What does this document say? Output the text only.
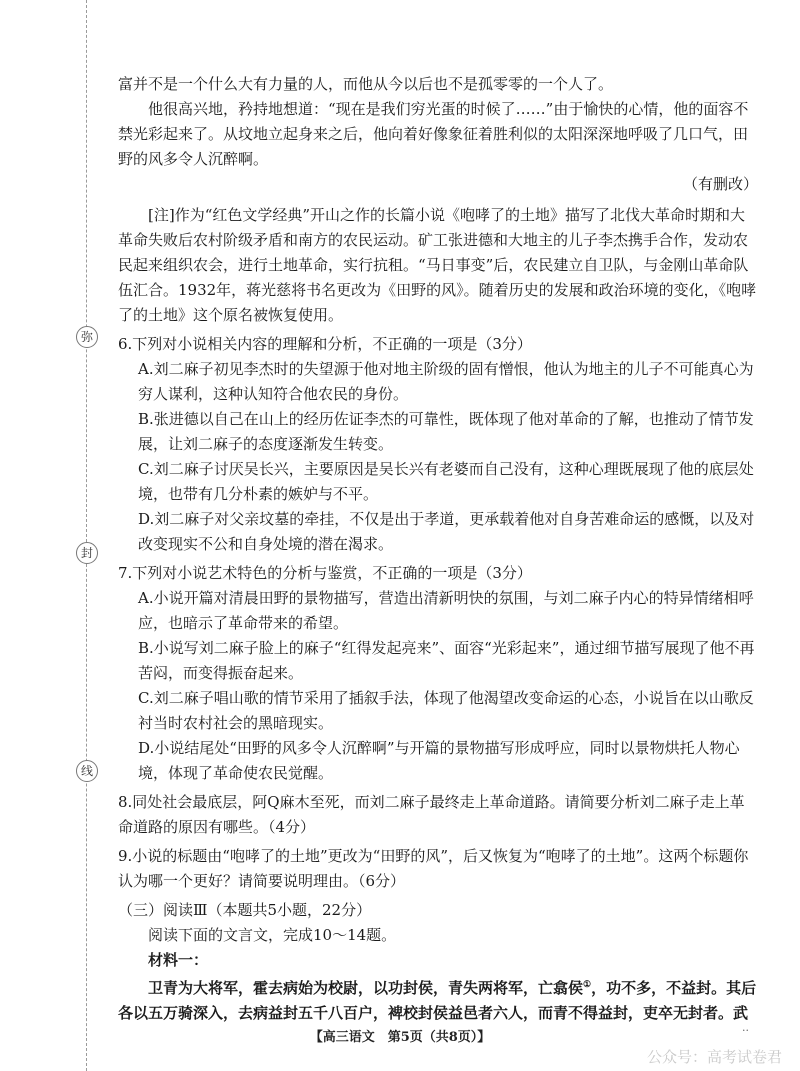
弥
封
线

富并不是一个什么大有力量的人，而他从今以后也不是孤零零的一个人了。

他很高兴地，矜持地想道：“现在是我们穷光蛋的时候了……”由于愉快的心情，他的面容不禁光彩起来了。从坟地立起身来之后，他向着好像象征着胜利似的太阳深深地呼吸了几口气，田野的风多令人沉醉啊。

（有删改）

[注]作为“红色文学经典”开山之作的长篇小说《咆哮了的土地》描写了北伐大革命时期和大革命失败后农村阶级矛盾和南方的农民运动。矿工张进德和大地主的儿子李杰携手合作，发动农民起来组织农会，进行土地革命，实行抗租。“马日事变”后，农民建立自卫队，与金刚山革命队伍汇合。1932年，蒋光慈将书名更改为《田野的风》。随着历史的发展和政治环境的变化，《咆哮了的土地》这个原名被恢复使用。

6.下列对小说相关内容的理解和分析，不正确的一项是（3分）

A.刘二麻子初见李杰时的失望源于他对地主阶级的固有憎恨，他认为地主的儿子不可能真心为穷人谋利，这种认知符合他农民的身份。

B.张进德以自己在山上的经历佐证李杰的可靠性，既体现了他对革命的了解，也推动了情节发展，让刘二麻子的态度逐渐发生转变。

C.刘二麻子讨厌吴长兴，主要原因是吴长兴有老婆而自己没有，这种心理既展现了他的底层处境，也带有几分朴素的嫉妒与不平。

D.刘二麻子对父亲坟墓的牵挂，不仅是出于孝道，更承载着他对自身苦难命运的感慨，以及对改变现实不公和自身处境的潜在渴求。

7.下列对小说艺术特色的分析与鉴赏，不正确的一项是（3分）

A.小说开篇对清晨田野的景物描写，营造出清新明快的氛围，与刘二麻子内心的特异情绪相呼应，也暗示了革命带来的希望。

B.小说写刘二麻子脸上的麻子“红得发起亮来”、面容“光彩起来”，通过细节描写展现了他不再苦闷，而变得振奋起来。

C.刘二麻子唱山歌的情节采用了插叙手法，体现了他渴望改变命运的心态，小说旨在以山歌反衬当时农村社会的黑暗现实。

D.小说结尾处“田野的风多令人沉醉啊”与开篇的景物描写形成呼应，同时以景物烘托人物心境，体现了革命使农民觉醒。

8.同处社会最底层，阿Q麻木至死，而刘二麻子最终走上革命道路。请简要分析刘二麻子走上革命道路的原因有哪些。（4分）

9.小说的标题由“咆哮了的土地”更改为“田野的风”，后又恢复为“咆哮了的土地”。这两个标题你认为哪一个更好？请简要说明理由。（6分）

（三）阅读Ⅲ（本题共5小题，22分）

阅读下面的文言文，完成10～14题。

材料一：

卫青为大将军，霍去病始为校尉，以功封侯，青失两将军，亡翕侯①，功不多，不益封。其后各以五万骑深入，去病益封五千八百户，裨校封侯益邑者六人，而青不得益封，吏卒无封者。武

【高三语文　第5页（共8页）】	··
公众号：高考试卷君
